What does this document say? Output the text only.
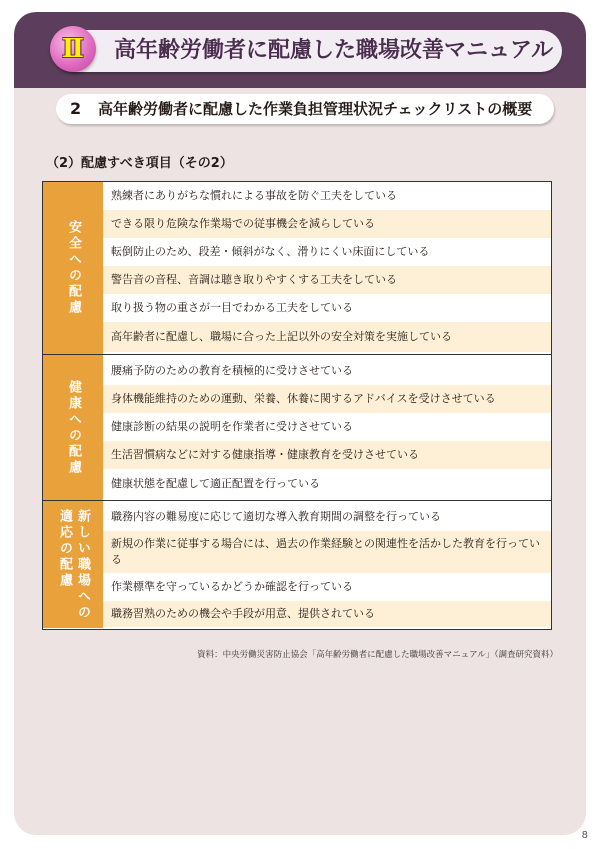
Ⅱ 高年齢労働者に配慮した職場改善マニュアル
2 高年齢労働者に配慮した作業負担管理状況チェックリストの概要
（2）配慮すべき項目（その2）
安全への配慮
熟練者にありがちな慣れによる事故を防ぐ工夫をしている
できる限り危険な作業場での従事機会を減らしている
転倒防止のため、段差・傾斜がなく、滑りにくい床面にしている
警告音の音程、音調は聴き取りやすくする工夫をしている
取り扱う物の重さが一目でわかる工夫をしている
高年齢者に配慮し、職場に合った上記以外の安全対策を実施している
健康への配慮
腰痛予防のための教育を積極的に受けさせている
身体機能維持のための運動、栄養、休養に関するアドバイスを受けさせている
健康診断の結果の説明を作業者に受けさせている
生活習慣病などに対する健康指導・健康教育を受けさせている
健康状態を配慮して適正配置を行っている
新しい職場への
適応の配慮	職務内容の難易度に応じて適切な導入教育期間の調整を行っている
新規の作業に従事する場合には、過去の作業経験との関連性を活かした教育を行っている
作業標準を守っているかどうか確認を行っている
職務習熟のための機会や手段が用意、提供されている
資料：中央労働災害防止協会「高年齢労働者に配慮した職場改善マニュアル」（調査研究資料）
8
